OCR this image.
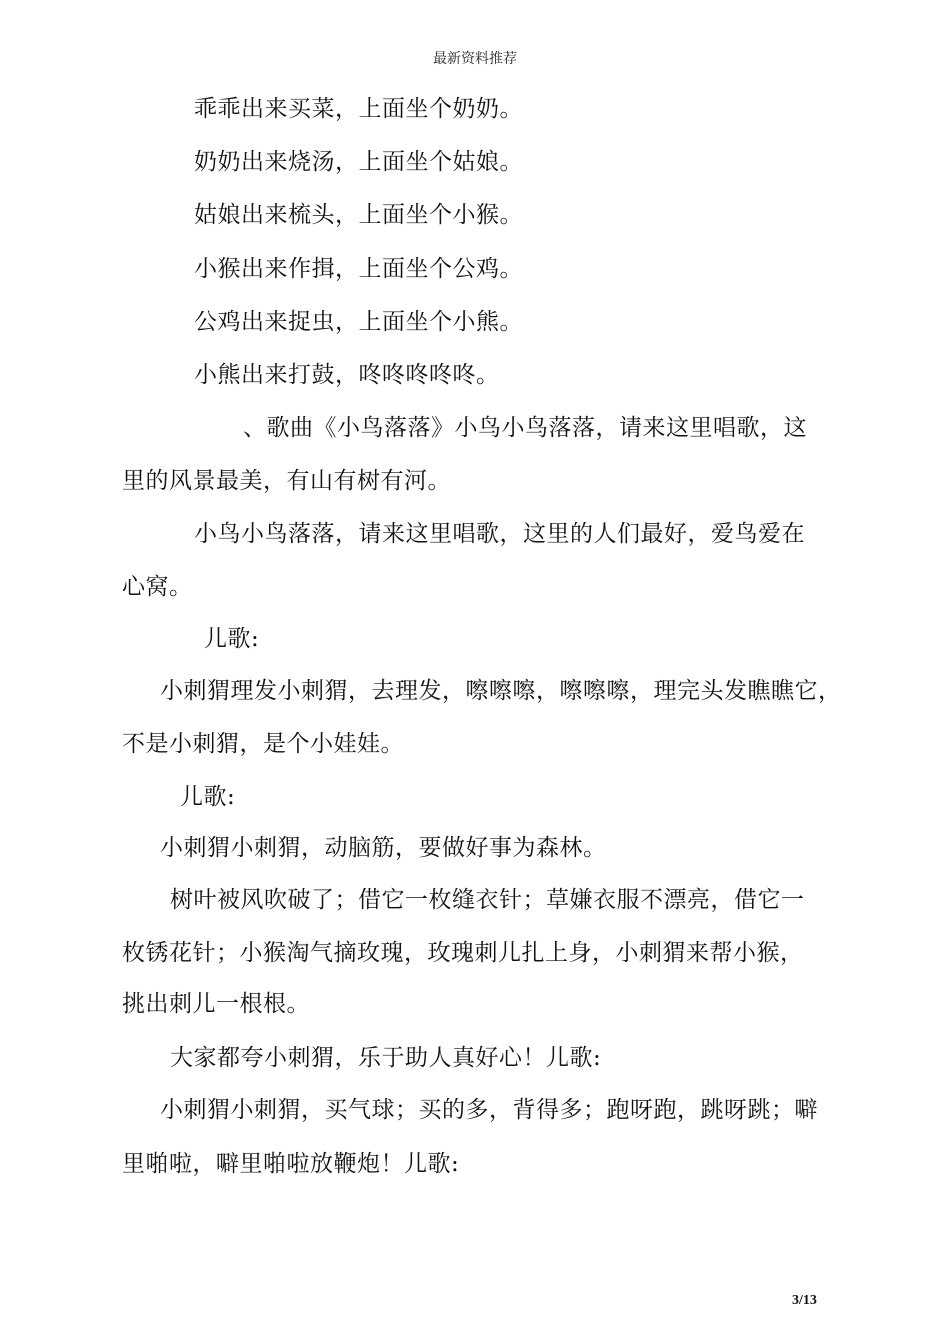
最新资料推荐
乖乖出来买菜，上面坐个奶奶。
奶奶出来烧汤，上面坐个姑娘。
姑娘出来梳头，上面坐个小猴。
小猴出来作揖，上面坐个公鸡。
公鸡出来捉虫，上面坐个小熊。
小熊出来打鼓，咚咚咚咚咚。
、歌曲《小鸟落落》小鸟小鸟落落，请来这里唱歌，这
里的风景最美，有山有树有河。
小鸟小鸟落落，请来这里唱歌，这里的人们最好，爱鸟爱在
心窝。
儿歌:
小刺猬理发小刺猬，去理发，嚓嚓嚓，嚓嚓嚓，理完头发瞧瞧它，
不是小刺猬，是个小娃娃。
儿歌:
小刺猬小刺猬，动脑筋，要做好事为森林。
树叶被风吹破了；借它一枚缝衣针；草嫌衣服不漂亮，借它一
枚锈花针；小猴淘气摘玫瑰，玫瑰刺儿扎上身，小刺猬来帮小猴，
挑出刺儿一根根。
大家都夸小刺猬，乐于助人真好心！儿歌:
小刺猬小刺猬，买气球；买的多，背得多；跑呀跑，跳呀跳；噼
里啪啦，噼里啪啦放鞭炮！儿歌:
3/13
